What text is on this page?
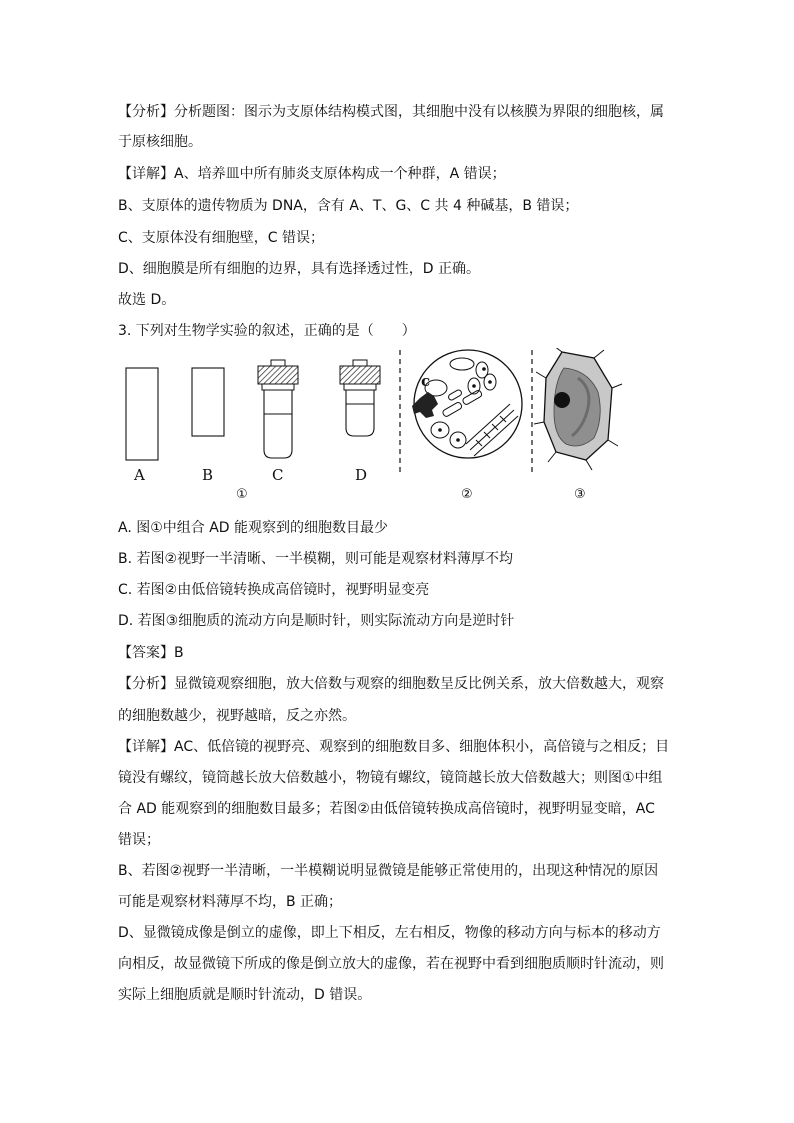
【分析】分析题图：图示为支原体结构模式图，其细胞中没有以核膜为界限的细胞核，属
于原核细胞。
【详解】A、培养皿中所有肺炎支原体构成一个种群，A 错误；
B、支原体的遗传物质为 DNA，含有 A、T、G、C 共 4 种碱基，B 错误；
C、支原体没有细胞壁，C 错误；
D、细胞膜是所有细胞的边界，具有选择透过性，D 正确。
故选 D。
3. 下列对生物学实验的叙述，正确的是（　　）
A	B	C	D
①
c
②	③
A. 图①中组合 AD 能观察到的细胞数目最少
B. 若图②视野一半清晰、一半模糊，则可能是观察材料薄厚不均
C. 若图②由低倍镜转换成高倍镜时，视野明显变亮
D. 若图③细胞质的流动方向是顺时针，则实际流动方向是逆时针
【答案】B
【分析】显微镜观察细胞，放大倍数与观察的细胞数呈反比例关系，放大倍数越大，观察
的细胞数越少，视野越暗，反之亦然。
【详解】AC、低倍镜的视野亮、观察到的细胞数目多、细胞体积小，高倍镜与之相反；目
镜没有螺纹，镜筒越长放大倍数越小，物镜有螺纹，镜筒越长放大倍数越大；则图①中组
合 AD 能观察到的细胞数目最多；若图②由低倍镜转换成高倍镜时，视野明显变暗，AC
错误；
B、若图②视野一半清晰，一半模糊说明显微镜是能够正常使用的，出现这种情况的原因
可能是观察材料薄厚不均，B 正确；
D、显微镜成像是倒立的虚像，即上下相反，左右相反，物像的移动方向与标本的移动方
向相反，故显微镜下所成的像是倒立放大的虚像，若在视野中看到细胞质顺时针流动，则
实际上细胞质就是顺时针流动，D 错误。
